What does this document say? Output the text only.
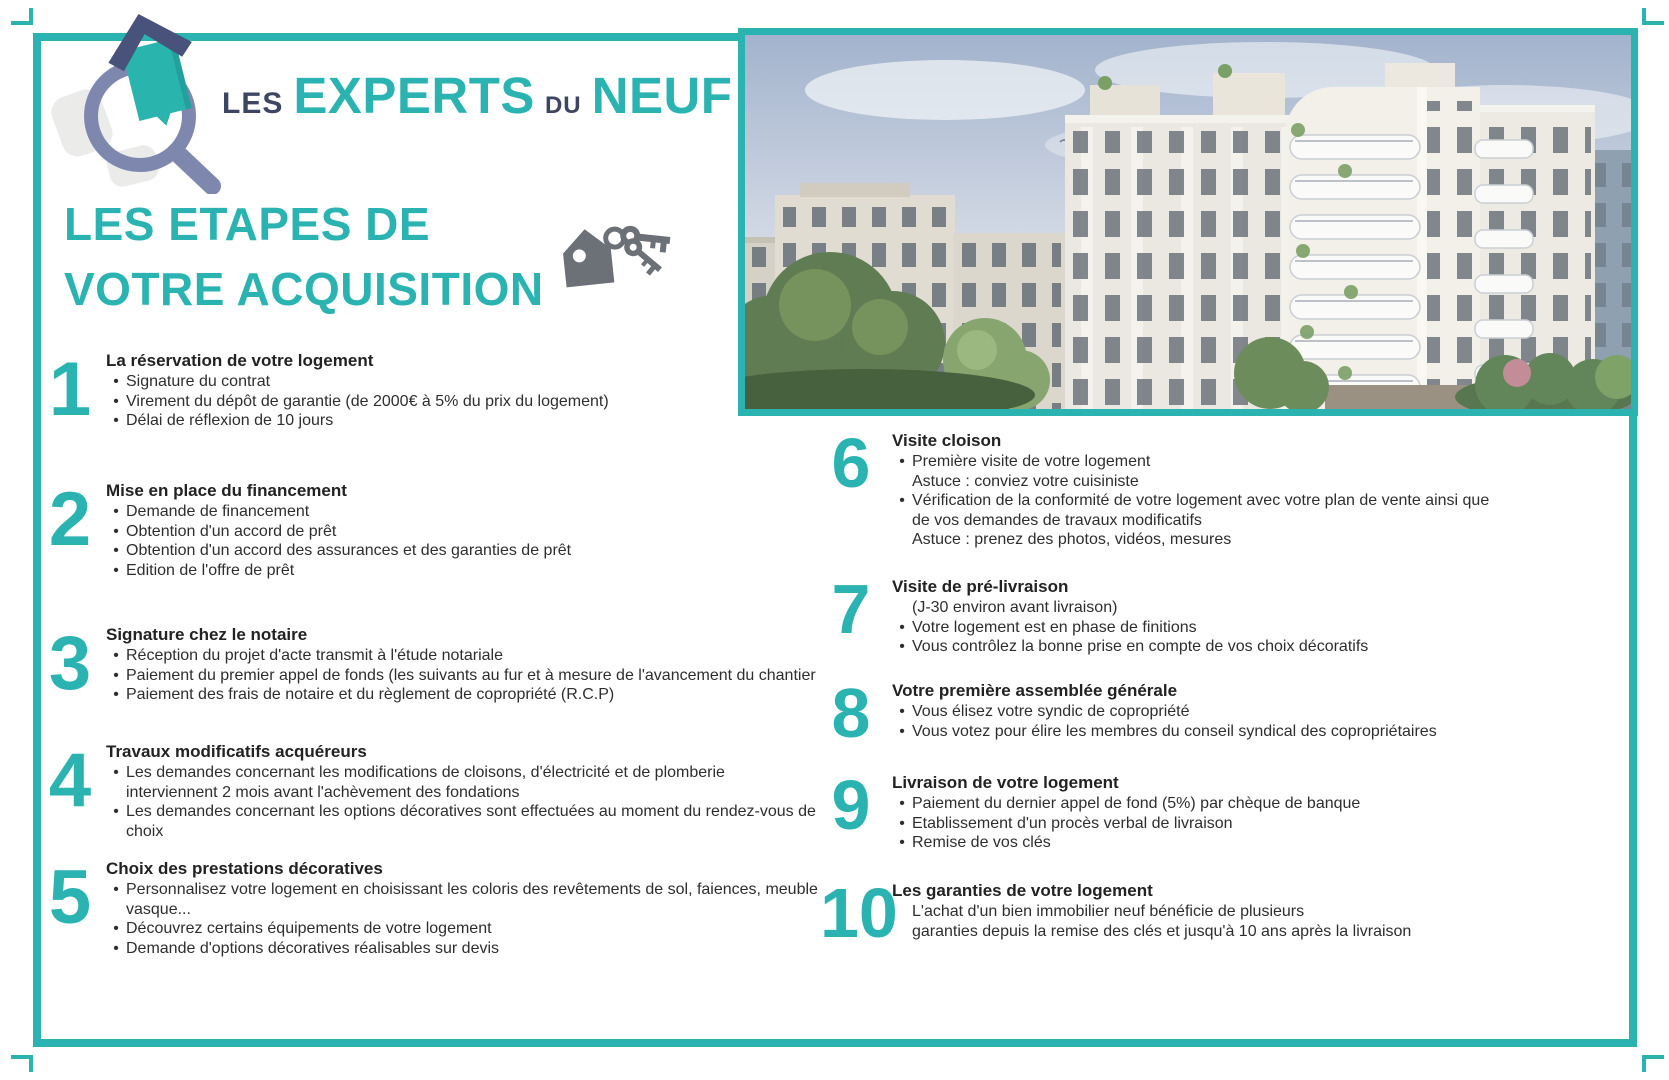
LES EXPERTS DU NEUF
LES ETAPES DE
VOTRE ACQUISITION
1 La réservation de votre logement
• Signature du contrat
• Virement du dépôt de garantie (de 2000€ à 5% du prix du logement)
• Délai de réflexion de 10 jours
2 Mise en place du financement
• Demande de financement
• Obtention d'un accord de prêt
• Obtention d'un accord des assurances et des garanties de prêt
• Edition de l'offre de prêt
3 Signature chez le notaire
• Réception du projet d'acte transmit à l'étude notariale
• Paiement du premier appel de fonds (les suivants au fur et à mesure de l'avancement du chantier
• Paiement des frais de notaire et du règlement de copropriété (R.C.P)
4 Travaux modificatifs acquéreurs
• Les demandes concernant les modifications de cloisons, d'électricité et de plomberie interviennent 2 mois avant l'achèvement des fondations
• Les demandes concernant les options décoratives sont effectuées au moment du rendez-vous de choix
5 Choix des prestations décoratives
• Personnalisez votre logement en choisissant les coloris des revêtements de sol, faiences, meuble vasque...
• Découvrez certains équipements de votre logement
• Demande d'options décoratives réalisables sur devis
6	Visite cloison
• Première visite de votre logement
Astuce : conviez votre cuisiniste
• Vérification de la conformité de votre logement avec votre plan de vente ainsi que de vos demandes de travaux modificatifs
Astuce : prenez des photos, vidéos, mesures
7	Visite de pré-livraison
(J-30 environ avant livraison)
• Votre logement est en phase de finitions
• Vous contrôlez la bonne prise en compte de vos choix décoratifs
8	Votre première assemblée générale
• Vous élisez votre syndic de copropriété
• Vous votez pour élire les membres du conseil syndical des copropriétaires
9	Livraison de votre logement
• Paiement du dernier appel de fond (5%) par chèque de banque
• Etablissement d'un procès verbal de livraison
• Remise de vos clés
10
Les garanties de votre logement
L'achat d'un bien immobilier neuf bénéficie de plusieurs
garanties depuis la remise des clés et jusqu'à 10 ans après la livraison
